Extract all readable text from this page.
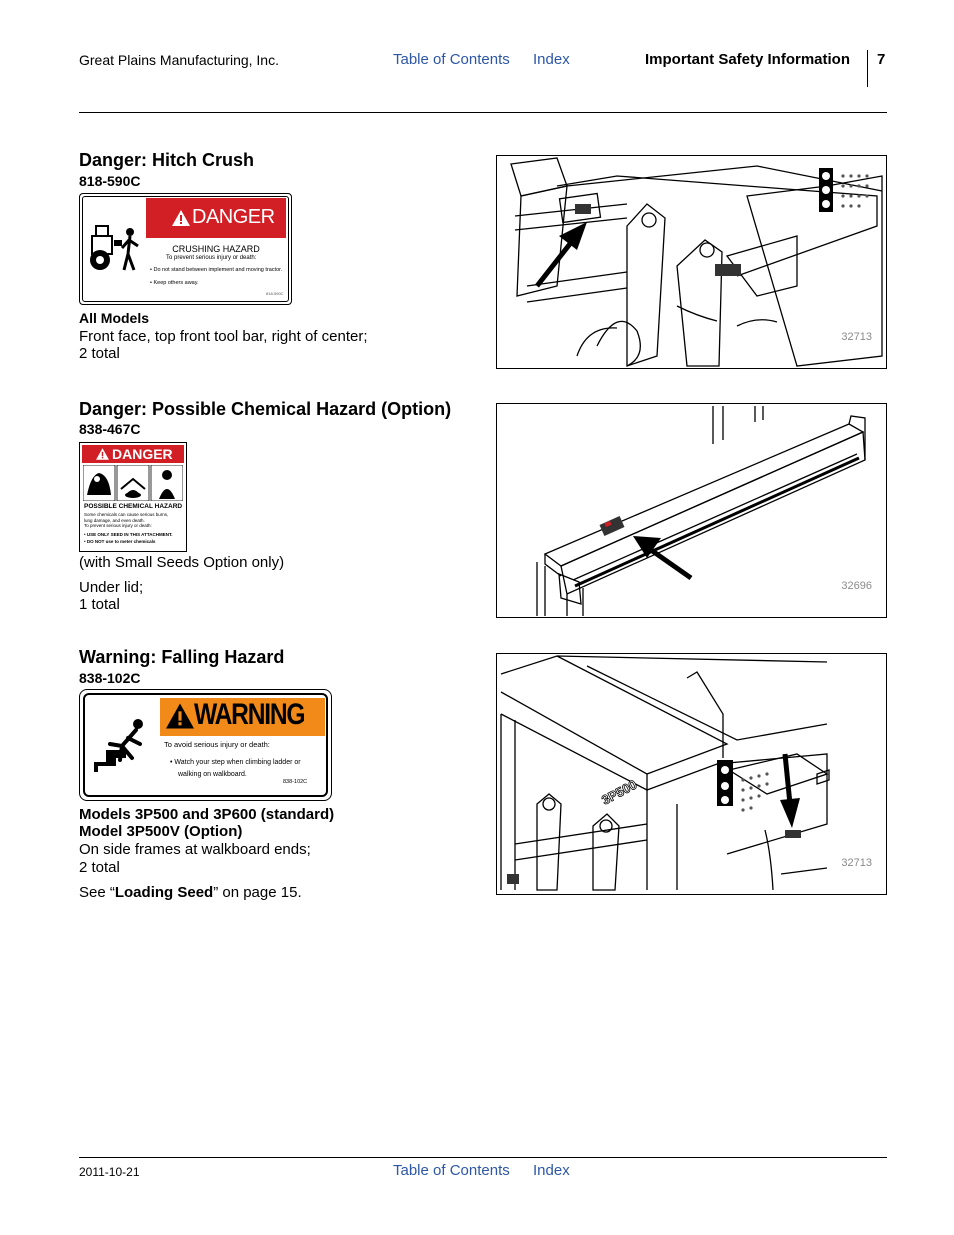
Great Plains Manufacturing, Inc.	Table of Contents Index	Important Safety Information 7
Danger: Hitch Crush
818-590C
DANGER
CRUSHING HAZARD
To prevent serious injury or death:
• Do not stand between implement and moving tractor.
• Keep others away.
818-590C
All Models
Front face, top front tool bar, right of center;
2 total
32713
Danger: Possible Chemical Hazard (Option)
838-467C
DANGER
POSSIBLE CHEMICAL HAZARD
Some chemicals can cause serious burns,
lung damage, and even death.
To prevent serious injury or death:
• USE ONLY SEED IN THIS ATTACHMENT.
• DO NOT use to meter chemicals
(with Small Seeds Option only)
Under lid;
1 total
32696
Warning: Falling Hazard
838-102C
WARNING
To avoid serious injury or death:
• Watch your step when climbing ladder or walking on walkboard.
838-102C
Models 3P500 and 3P600 (standard)
Model 3P500V (Option)
On side frames at walkboard ends;
2 total
See “Loading Seed” on page 15.
3P500
32713
2011-10-21	Table of Contents Index
